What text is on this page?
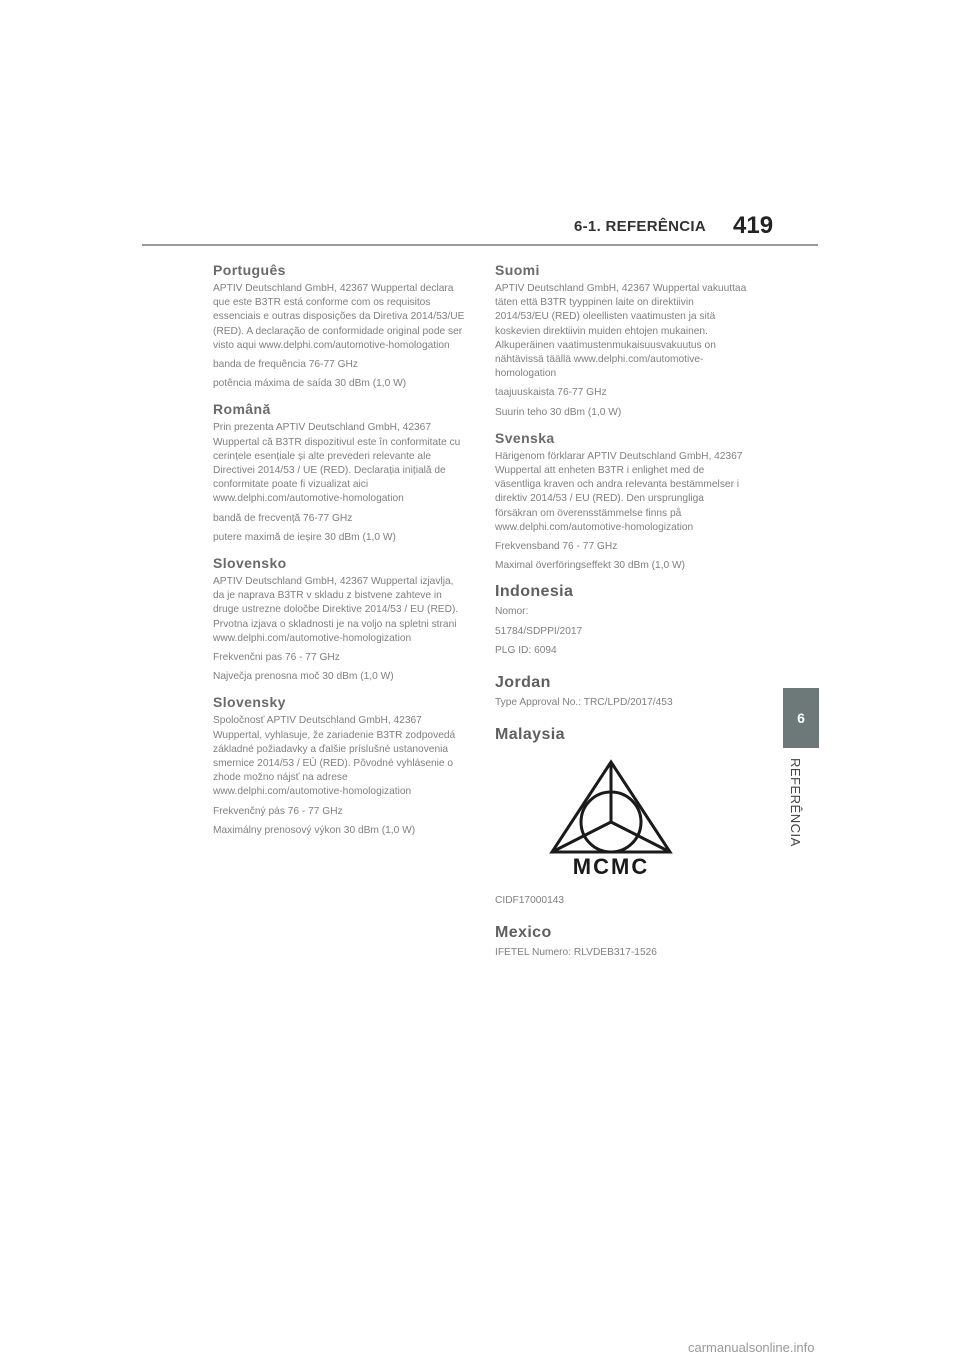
6-1. REFERÊNCIA 419
6
REFERÊNCIA
Português

APTIV Deutschland GmbH, 42367 Wuppertal declara que este B3TR está conforme com os requisitos essenciais e outras disposições da Diretiva 2014/53/UE (RED). A declaração de conformidade original pode ser visto aqui www.delphi.com/automotive-homologation

banda de frequência 76-77 GHz

potência máxima de saída 30 dBm (1,0 W)

Română

Prin prezenta APTIV Deutschland GmbH, 42367 Wuppertal că B3TR dispozitivul este în conformitate cu cerințele esențiale și alte prevederi relevante ale Directivei 2014/53 / UE (RED). Declarația inițială de conformitate poate fi vizualizat aici www.delphi.com/automotive-homologation

bandă de frecvență 76-77 GHz

putere maximă de ieșire 30 dBm (1,0 W)

Slovensko

APTIV Deutschland GmbH, 42367 Wuppertal izjavlja, da je naprava B3TR v skladu z bistvene zahteve in druge ustrezne določbe Direktive 2014/53 / EU (RED). Prvotna izjava o skladnosti je na voljo na spletni strani www.delphi.com/automotive-homologization

Frekvenčni pas 76 - 77 GHz

Največja prenosna moč 30 dBm (1,0 W)

Slovensky

Spoločnosť APTIV Deutschland GmbH, 42367 Wuppertal, vyhlasuje, že zariadenie B3TR zodpovedá základné požiadavky a ďalšie príslušné ustanovenia smernice 2014/53 / EÚ (RED). Pôvodné vyhlásenie o zhode možno nájsť na adrese www.delphi.com/automotive-homologization

Frekvenčný pás 76 - 77 GHz

Maximálny prenosový výkon 30 dBm (1,0 W)

Suomi

APTIV Deutschland GmbH, 42367 Wuppertal vakuuttaa täten että B3TR tyyppinen laite on direktiivin 2014/53/EU (RED) oleellisten vaatimusten ja sitä koskevien direktiivin muiden ehtojen mukainen. Alkuperäinen vaatimustenmukaisuusvakuutus on nähtävissä täällä www.delphi.com/automotive-homologation

taajuuskaista 76-77 GHz

Suurin teho 30 dBm (1,0 W)

Svenska

Härigenom förklarar APTIV Deutschland GmbH, 42367 Wuppertal att enheten B3TR i enlighet med de väsentliga kraven och andra relevanta bestämmelser i direktiv 2014/53 / EU (RED). Den ursprungliga försäkran om överensstämmelse finns på www.delphi.com/automotive-homologization

Frekvensband 76 - 77 GHz

Maximal överföringseffekt 30 dBm (1,0 W)

Indonesia

Nomor:

51784/SDPPI/2017

PLG ID: 6094

Jordan

Type Approval No.: TRC/LPD/2017/453

Malaysia
MCMC

CIDF17000143

Mexico

IFETEL Numero: RLVDEB317-1526

carmanualsonline.info
